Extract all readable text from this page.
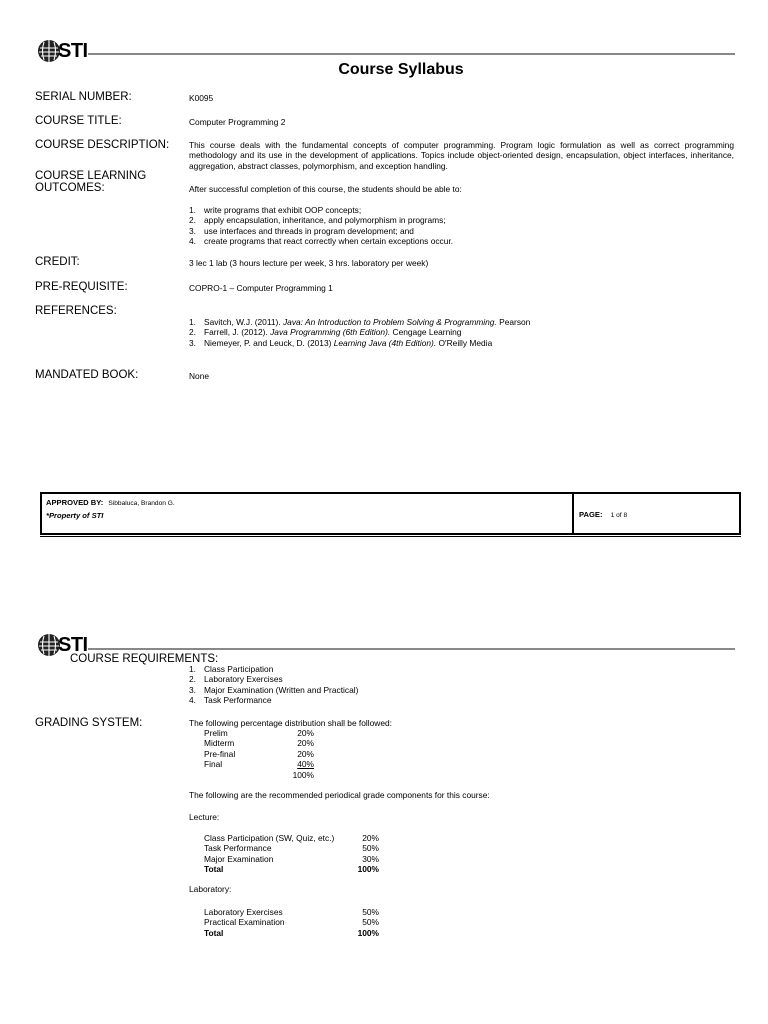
STI
Course Syllabus
SERIAL NUMBER:	K0095
COURSE TITLE:	Computer Programming 2
COURSE DESCRIPTION: This course deals with the fundamental concepts of computer programming. Program logic formulation as well as correct programming methodology and its use in the development of applications. Topics include object-oriented design, encapsulation, object interfaces, inheritance, aggregation, abstract classes, polymorphism, and exception handling.
COURSE LEARNING
OUTCOMES:	After successful completion of this course, the students should be able to:
1. write programs that exhibit OOP concepts;
2. apply encapsulation, inheritance, and polymorphism in programs;
3. use interfaces and threads in program development; and
4. create programs that react correctly when certain exceptions occur.
CREDIT:	3 lec 1 lab (3 hours lecture per week, 3 hrs. laboratory per week)
PRE-REQUISITE:	COPRO-1 – Computer Programming 1
REFERENCES:
1. Savitch, W.J. (2011). Java: An Introduction to Problem Solving & Programming. Pearson
2. Farrell, J. (2012). Java Programming (6th Edition). Cengage Learning
3. Niemeyer, P. and Leuck, D. (2013) Learning Java (4th Edition). O'Reilly Media
MANDATED BOOK:	None
APPROVED BY: Sibbaluca, Brandon G.
*Property of STI	PAGE: 1 of 8
STI
COURSE REQUIREMENTS:
1. Class Participation
2. Laboratory Exercises
3. Major Examination (Written and Practical)
4. Task Performance
GRADING SYSTEM:	The following percentage distribution shall be followed:
Prelim	20%
Midterm	20%
Pre-final	20%
Final	40%
100%
The following are the recommended periodical grade components for this course:
Lecture:
Class Participation (SW, Quiz, etc.)	20%
Task Performance	50%
Major Examination	30%
Total	100%
Laboratory:
Laboratory Exercises	50%
Practical Examination	50%
Total	100%
